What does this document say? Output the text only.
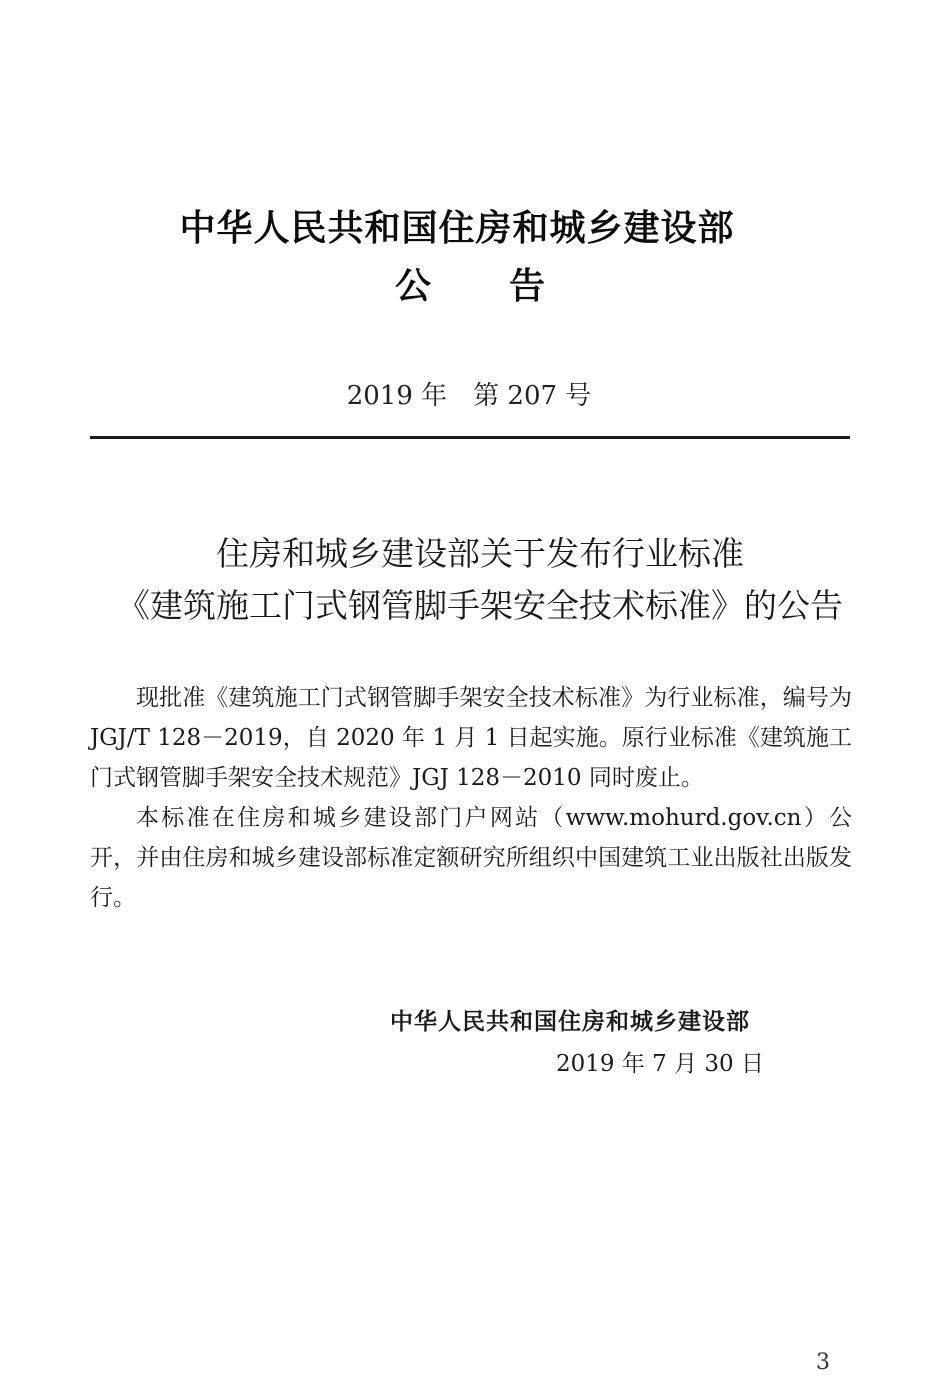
中华人民共和国住房和城乡建设部
公　　告
2019 年　第 207 号
住房和城乡建设部关于发布行业标准
《建筑施工门式钢管脚手架安全技术标准》的公告

现批准《建筑施工门式钢管脚手架安全技术标准》为行业标准，编号为 JGJ/T 128－2019，自 2020 年 1 月 1 日起实施。原行业标准《建筑施工门式钢管脚手架安全技术规范》JGJ 128－2010 同时废止。

本标准在住房和城乡建设部门户网站（www.mohurd.gov.cn）公开，并由住房和城乡建设部标准定额研究所组织中国建筑工业出版社出版发行。

中华人民共和国住房和城乡建设部
2019 年 7 月 30 日
3
